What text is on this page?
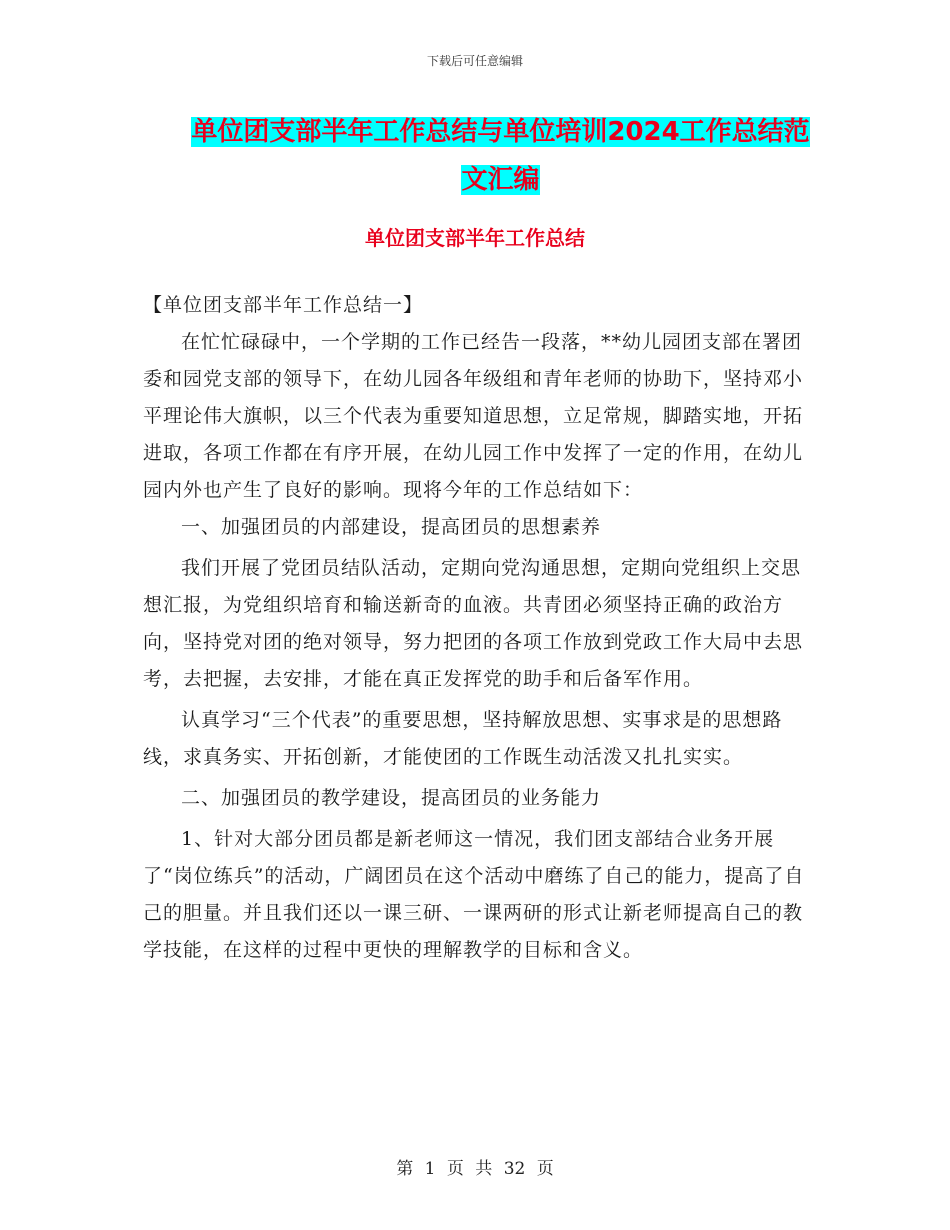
下载后可任意编辑
单位团支部半年工作总结与单位培训2024工作总结范文汇编
单位团支部半年工作总结

【单位团支部半年工作总结一】

在忙忙碌碌中，一个学期的工作已经告一段落，**幼儿园团支部在署团委和园党支部的领导下，在幼儿园各年级组和青年老师的协助下，坚持邓小平理论伟大旗帜，以三个代表为重要知道思想，立足常规，脚踏实地，开拓进取，各项工作都在有序开展，在幼儿园工作中发挥了一定的作用，在幼儿园内外也产生了良好的影响。现将今年的工作总结如下：

一、加强团员的内部建设，提高团员的思想素养

我们开展了党团员结队活动，定期向党沟通思想，定期向党组织上交思想汇报，为党组织培育和输送新奇的血液。共青团必须坚持正确的政治方向，坚持党对团的绝对领导，努力把团的各项工作放到党政工作大局中去思考，去把握，去安排，才能在真正发挥党的助手和后备军作用。

认真学习“三个代表”的重要思想，坚持解放思想、实事求是的思想路线，求真务实、开拓创新，才能使团的工作既生动活泼又扎扎实实。

二、加强团员的教学建设，提高团员的业务能力

1、针对大部分团员都是新老师这一情况，我们团支部结合业务开展了“岗位练兵”的活动，广阔团员在这个活动中磨练了自己的能力，提高了自己的胆量。并且我们还以一课三研、一课两研的形式让新老师提高自己的教学技能，在这样的过程中更快的理解教学的目标和含义。

第 1 页 共 32 页
